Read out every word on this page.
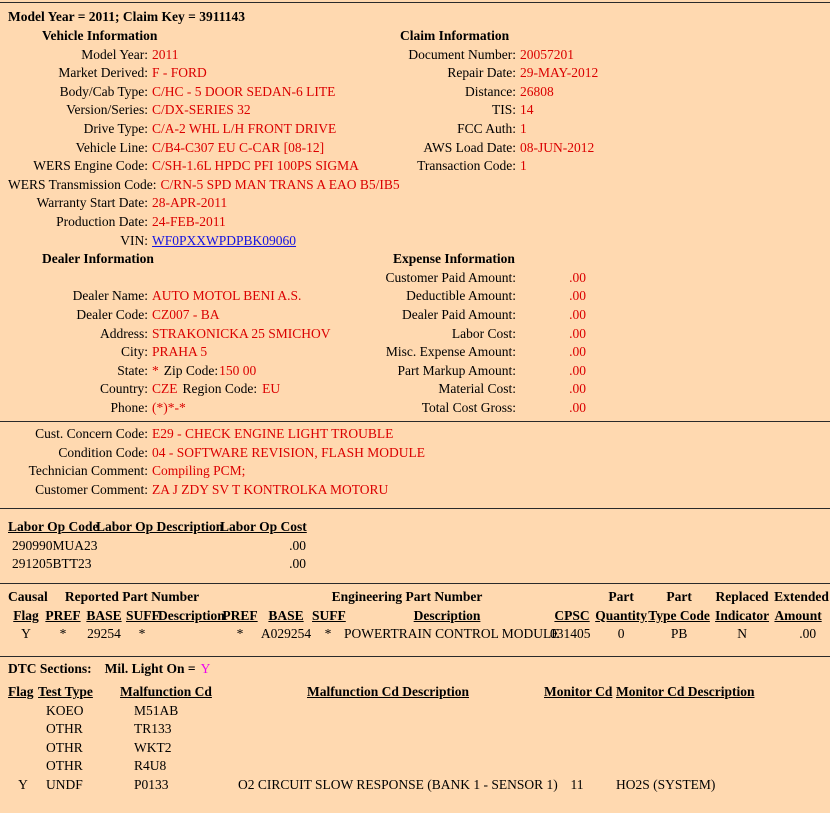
Model Year = 2011; Claim Key = 3911143
Vehicle Information
Model Year: 2011
Market Derived: F - FORD
Body/Cab Type: C/HC - 5 DOOR SEDAN-6 LITE
Version/Series: C/DX-SERIES 32
Drive Type: C/A-2 WHL L/H FRONT DRIVE
Vehicle Line: C/B4-C307 EU C-CAR [08-12]
WERS Engine Code: C/SH-1.6L HPDC PFI 100PS SIGMA
WERS Transmission Code: C/RN-5 SPD MAN TRANS A EAO B5/IB5
Warranty Start Date: 28-APR-2011
Production Date: 24-FEB-2011
VIN: WF0PXXWPDPBK09060
Dealer Information
Dealer Name: AUTO MOTOL BENI A.S.
Dealer Code: CZ007 - BA
Address: STRAKONICKA 25 SMICHOV
City: PRAHA 5
State: * Zip Code: 150 00
Country: CZE Region Code: EU
Phone: (*)*-*
Claim Information
Document Number: 20057201
Repair Date: 29-MAY-2012
Distance: 26808
TIS: 14
FCC Auth: 1
AWS Load Date: 08-JUN-2012
Transaction Code: 1
Expense Information
Customer Paid Amount:	.00
Deductible Amount:	.00
Dealer Paid Amount:	.00
Labor Cost:	.00
Misc. Expense Amount:	.00
Part Markup Amount:	.00
Material Cost:	.00
Total Cost Gross:	.00
Cust. Concern Code: E29 - CHECK ENGINE LIGHT TROUBLE
Condition Code: 04 - SOFTWARE REVISION, FLASH MODULE
Technician Comment: Compiling PCM;
Customer Comment: ZA J ZDY SV T KONTROLKA MOTORU
Labor Op Code	Labor Op Description	Labor Op Cost
290990MUA23		.00
291205BTT23		.00
Causal	Reported Part Number				Engineering Part Number					Part	Part	Replaced	Extended
Flag	PREF	BASE	SUFF	Description	PREF	BASE	SUFF	Description	CPSC	Quantity	Type Code	Indicator	Amount
Y	*	29254	*		*	A029254	*	POWERTRAIN CONTROL MODULE	031405	0	PB	N	.00
DTC Sections: Mil. Light On = Y
Flag	Test Type	Malfunction Cd	Malfunction Cd Description	Monitor Cd	Monitor Cd Description
	KOEO	M51AB			
	OTHR	TR133			
	OTHR	WKT2			
	OTHR	R4U8			
Y	UNDF	P0133	O2 CIRCUIT SLOW RESPONSE (BANK 1 - SENSOR 1)	11	HO2S (SYSTEM)
